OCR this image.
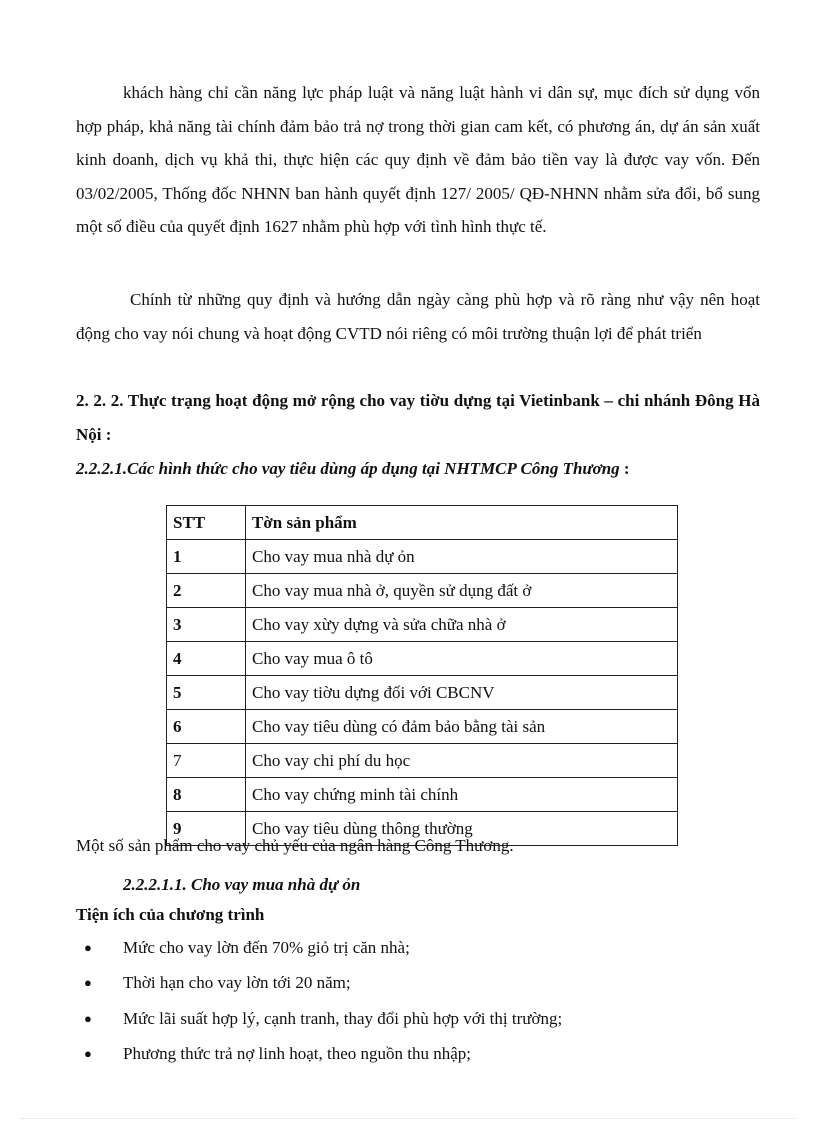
khách hàng chỉ cần năng lực pháp luật và năng luật hành vi dân sự, mục đích sử dụng vốn hợp pháp, khả năng tài chính đảm bảo trả nợ trong thời gian cam kết, có phương án, dự án sản xuất kinh doanh, dịch vụ khả thi, thực hiện các quy định về đảm bảo tiền vay là được vay vốn. Đến 03/02/2005, Thống đốc NHNN ban hành quyết định 127/ 2005/ QĐ-NHNN nhằm sửa đổi, bổ sung một số điều của quyết định 1627 nhằm phù hợp với tình hình thực tế.

Chính từ những quy định và hướng dẫn ngày càng phù hợp và rõ ràng như vậy nên hoạt động cho vay nói chung và hoạt động CVTD nói riêng có môi trường thuận lợi để phát triển

2. 2. 2. Thực trạng hoạt động mở rộng cho vay tiờu dựng tại Vietinbank – chi nhánh Đông Hà Nội :

2.2.2.1.Các hình thức cho vay tiêu dùng áp dụng tại NHTMCP Công Thương :

STT	Tờn sản phẩm
1	Cho vay mua nhà dự ỏn
2	Cho vay mua nhà ở, quyền sử dụng đất ở
3	Cho vay xừy dựng và sửa chữa nhà ở
4	Cho vay mua ô tô
5	Cho vay tiờu dựng đối với CBCNV
6	Cho vay tiêu dùng có đảm bảo bằng tài sản
7	Cho vay chi phí du học
8	Cho vay chứng minh tài chính
9	Cho vay tiêu dùng thông thường

Một số sản phẩm cho vay chủ yếu của ngân hàng Công Thương.

2.2.2.1.1. Cho vay mua nhà dự ỏn

Tiện ích của chương trình

● Mức cho vay lờn đến 70% giỏ trị căn nhà;
● Thời hạn cho vay lờn tới 20 năm;
● Mức lãi suất hợp lý, cạnh tranh, thay đổi phù hợp với thị trường;
● Phương thức trả nợ linh hoạt, theo nguồn thu nhập;
